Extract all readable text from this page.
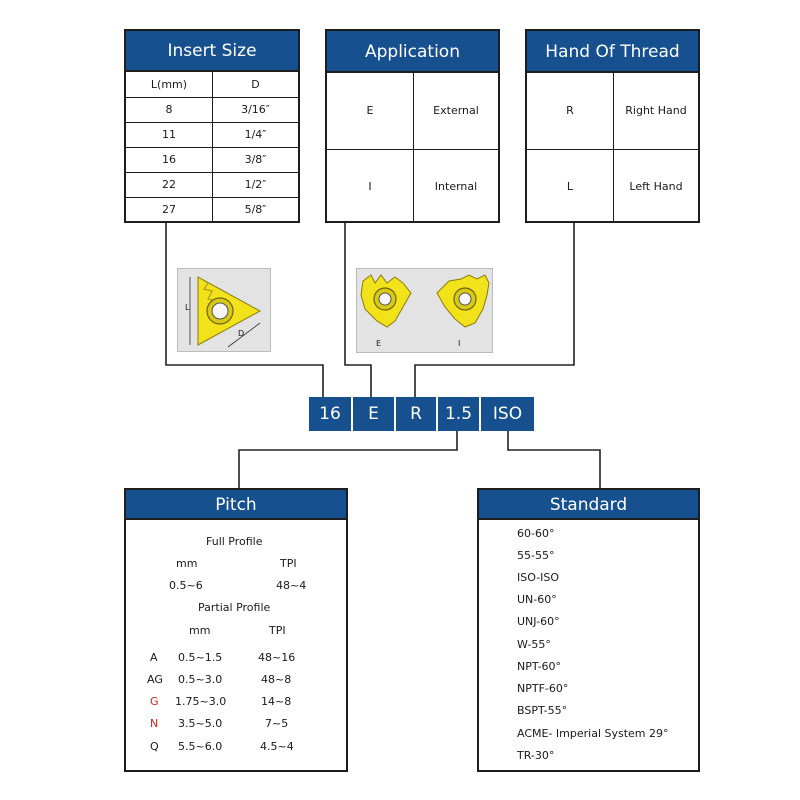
Insert Size
L(mm)	D
8	3/16″
11	1/4″
16	3/8″
22	1/2″
27	5/8″
Application
E	External
I	Internal
Hand Of Thread
R	Right Hand
L	Left Hand
L
D
E	I
16	E	R	1.5	ISO
Pitch
Full Profile
mm	TPI
0.5~6	48~4
Partial Profile
mm	TPI
A 0.5~1.5	48~16
AG 0.5~3.0	48~8
G 1.75~3.0	14~8
N 3.5~5.0	7~5
Q 5.5~6.0	4.5~4
Standard
60-60°
55-55°
ISO-ISO
UN-60°
UNJ-60°
W-55°
NPT-60°
NPTF-60°
BSPT-55°
ACME- Imperial System 29°
TR-30°
